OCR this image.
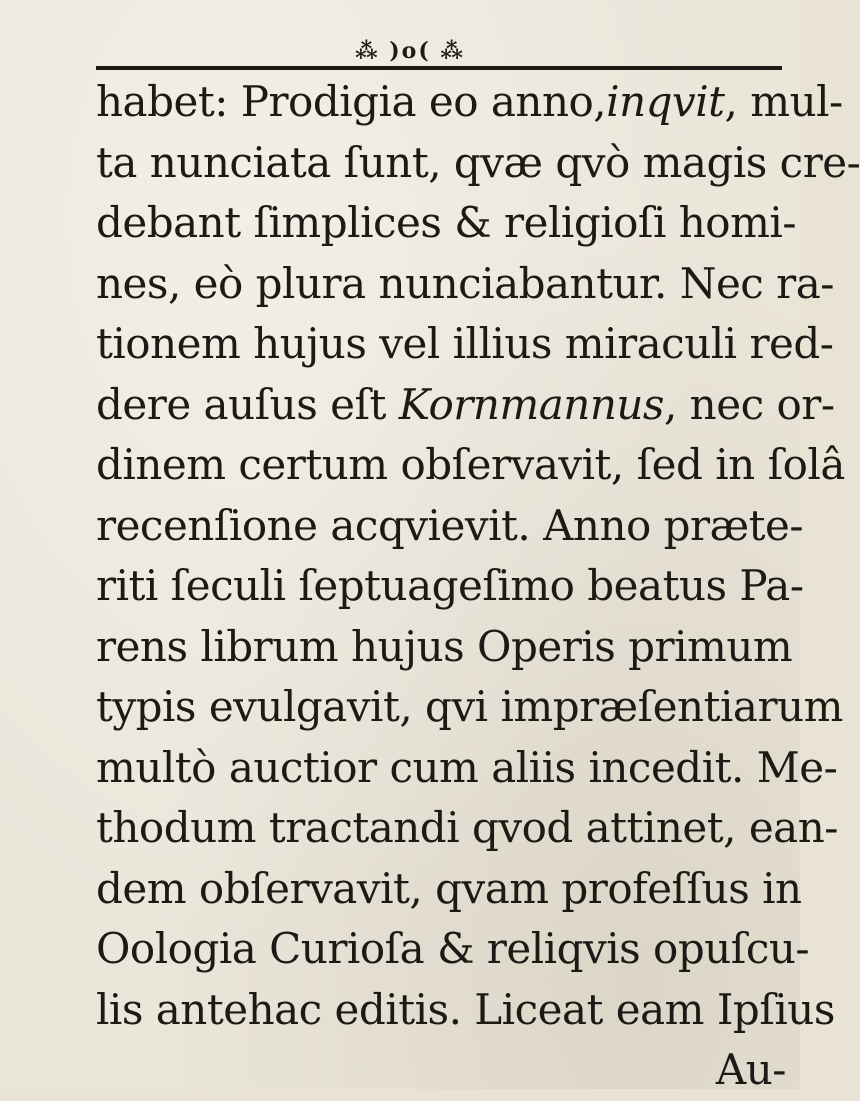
⁂ )o( ⁂
habet: Prodigia eo anno,inqvit, mul-
ta nunciata ſunt, qvæ qvò magis cre-
debant ſimplices & religioſi homi-
nes, eò plura nunciabantur. Nec ra-
tionem hujus vel illius miraculi red-
dere auſus eſt Kornmannus, nec or-
dinem certum obſervavit, ſed in ſolâ
recenſione acqvievit. Anno præte-
riti ſeculi ſeptuageſimo beatus Pa-
rens librum hujus Operis primum
typis evulgavit, qvi impræſentiarum
multò auctior cum aliis incedit. Me-
thodum tractandi qvod attinet, ean-
dem obſervavit, qvam profeſſus in
Oologia Curioſa & reliqvis opuſcu-
lis antehac editis. Liceat eam Ipſius
Au-
